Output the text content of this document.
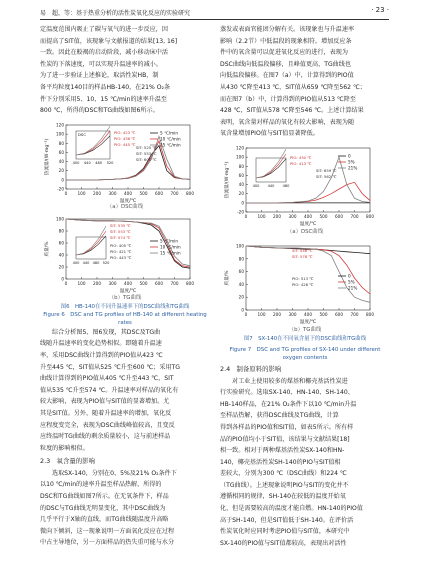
易　超，等：基于热重分析的活性炭氧化反应的实验研究	· 23 ·
定温度范围内吸止了碳与氧气的进一步反应，因
而提高了SIT值，该现象与文献报道的结果[13, 16]
一致。因此在較褐的启动阶段，减小移动床中活
性炭的下落速度，可以实现升温速率的减小。
为了进一步验证上述推论，取活性炭HB，制
备平均粒度140目的样品HB-140，在21% O₂条
件下分别采用5、10、15 ℃/min的速率升温至
800 ℃，所得的DSC和TG曲线如图6所示。
0 100 200 300 400 500 600 700 800
-20
0
20
40
60
80
100
120
温度/℃
热流量/(W·mg⁻¹)
5 ℃/min
10 ℃/min
15 ℃/min
400 440 480 520
DSC	PIO: 423 ℃
PIO: 436 ℃
PIO: 445 ℃
SIT: 525 ℃
SIT: 553 ℃
SIT: 600 ℃
（a）DSC曲线
0 100 200 300 400 500 600 700 800
0
20
40
60
80
100
温度/℃
质量/%
5 ℃/min
10 ℃/min
15 ℃/min
400 440 480 520
SIT: 535 ℃
SIT: 553 ℃
SIT: 574 ℃
PIO: 405 ℃
PIO: 421 ℃
PIO: 443 ℃
（b）TG曲线
图6　HB-140在不同升温速率下的DSC曲线和TG曲线
Figure 6　DSC and TG profiles of HB-140 at different heating rates
综合分析图5、图6发现，其DSC及TG曲
线随升温速率的变化趋势相似。即随着升温速
率，采用DSC曲线计算得到的PIO值从423 ℃
升至445 ℃，SIT值从525 ℃升至600 ℃；采用TG
曲线计算得到的PIO值从405 ℃升至443 ℃，SIT
值从535 ℃升至574 ℃。升温速率对样品的氧化有
较大影响，表现为PIO值与SIT值的显著增加。尤
其是SIT值。另外，随着升温速率的增加，氧化反
应程度变完全，表现为DSC曲线峰值较高，且变反
应终温时TG曲线的剩余质量较小，这与前述样品
粒度的影响相似。
2.3　氧含量的影响
选取SX-140，分别在0、5%及21% O₂条件下
以10 ℃/min的速率升温至样品热解，所得的
DSC和TG曲线如图7所示。在无氧条件下，样品
的DSC与TG曲线无明显变化，其中DSC曲线为
几乎平行于X轴的直线，而TG曲线随温度升高略
微向下倾斜，这一现象说明一方面氧化反应在过程
中占主导地位，另一方面样品的热失重可能与水分
蒸发或表面官能团分解有关。该现象也与升温速率
影响（2.2节）中低温段的现象相符。增加反应条
件中的氧含量可以促进氧化反应的进行，表现为
DSC曲线向低温段偏移，且峰值更高，TG曲线也
向低温段偏移。在图7（a）中，计算得到的PIO值
从430 ℃降至413 ℃，SIT值从659 ℃降至562 ℃；
而在图7（b）中，计算得到的PIO值从513 ℃降至
428 ℃，SIT值从578 ℃降至546 ℃。上述计算结果
表明，氧含量对样品的氧化有较大影响，表现为随
氧含量增加PIO值与SIT值显著降低。
0 100 200 300 400 500 600 700 800
-20
0
20
40
60
80
100
120
温度/℃
热流量/(W·mg⁻¹)
0
5%
21%
400 440 480
PIO: 430 ℃
PIO: 413 ℃
SIT: 659 ℃
SIT: 562 ℃
（a）DSC曲线
0 100 200 300 400 500 600 700 800
0
20
40
60
80
100
温度/℃
质量/%	0
5%
21%
SIT: 546 ℃
SIT: 578 ℃
PIO: 513 ℃
PIO: 428 ℃
（b）TG曲线
图7　SX-140在不同氧含量下的DSC曲线和TG曲线
Figure 7　DSC and TG profiles of SX-140 under different oxygen contents
2.4　制备原料的影响
对工业上使用较多的煤基和椰壳基活性炭进
行实验研究。选取SX-140、HN-140、SH-140、
HB-140样品，在21% O₂条件下以10 ℃/min升温
至样品热解，获得DSC曲线及TG曲线，计算
得到各样品的PIO值和SIT值，如表5所示。所有样
品的PIO值均小于SIT值，该结果与文献结果[18]
相一致。相对于两种煤基活性炭SX-140和HN-
140，椰壳基活性炭SH-140的PIO与SIT值相
差较大，分别为300 ℃（DSC曲线）和224 ℃
（TG曲线）。上述现象说明PIO与SIT的变化并不
遵循相同的规律，SH-140在较低的温度开始氧
化，但是需要较高的温度才能自燃。HN-140的PIO值
高于SH-140，但是SIT值低于SH-140。在评价活
性炭氧化时应同时考虑PIO值与SIT值，本研究中
SX-140的PIO值与SIT值都较高，表现出对活性
